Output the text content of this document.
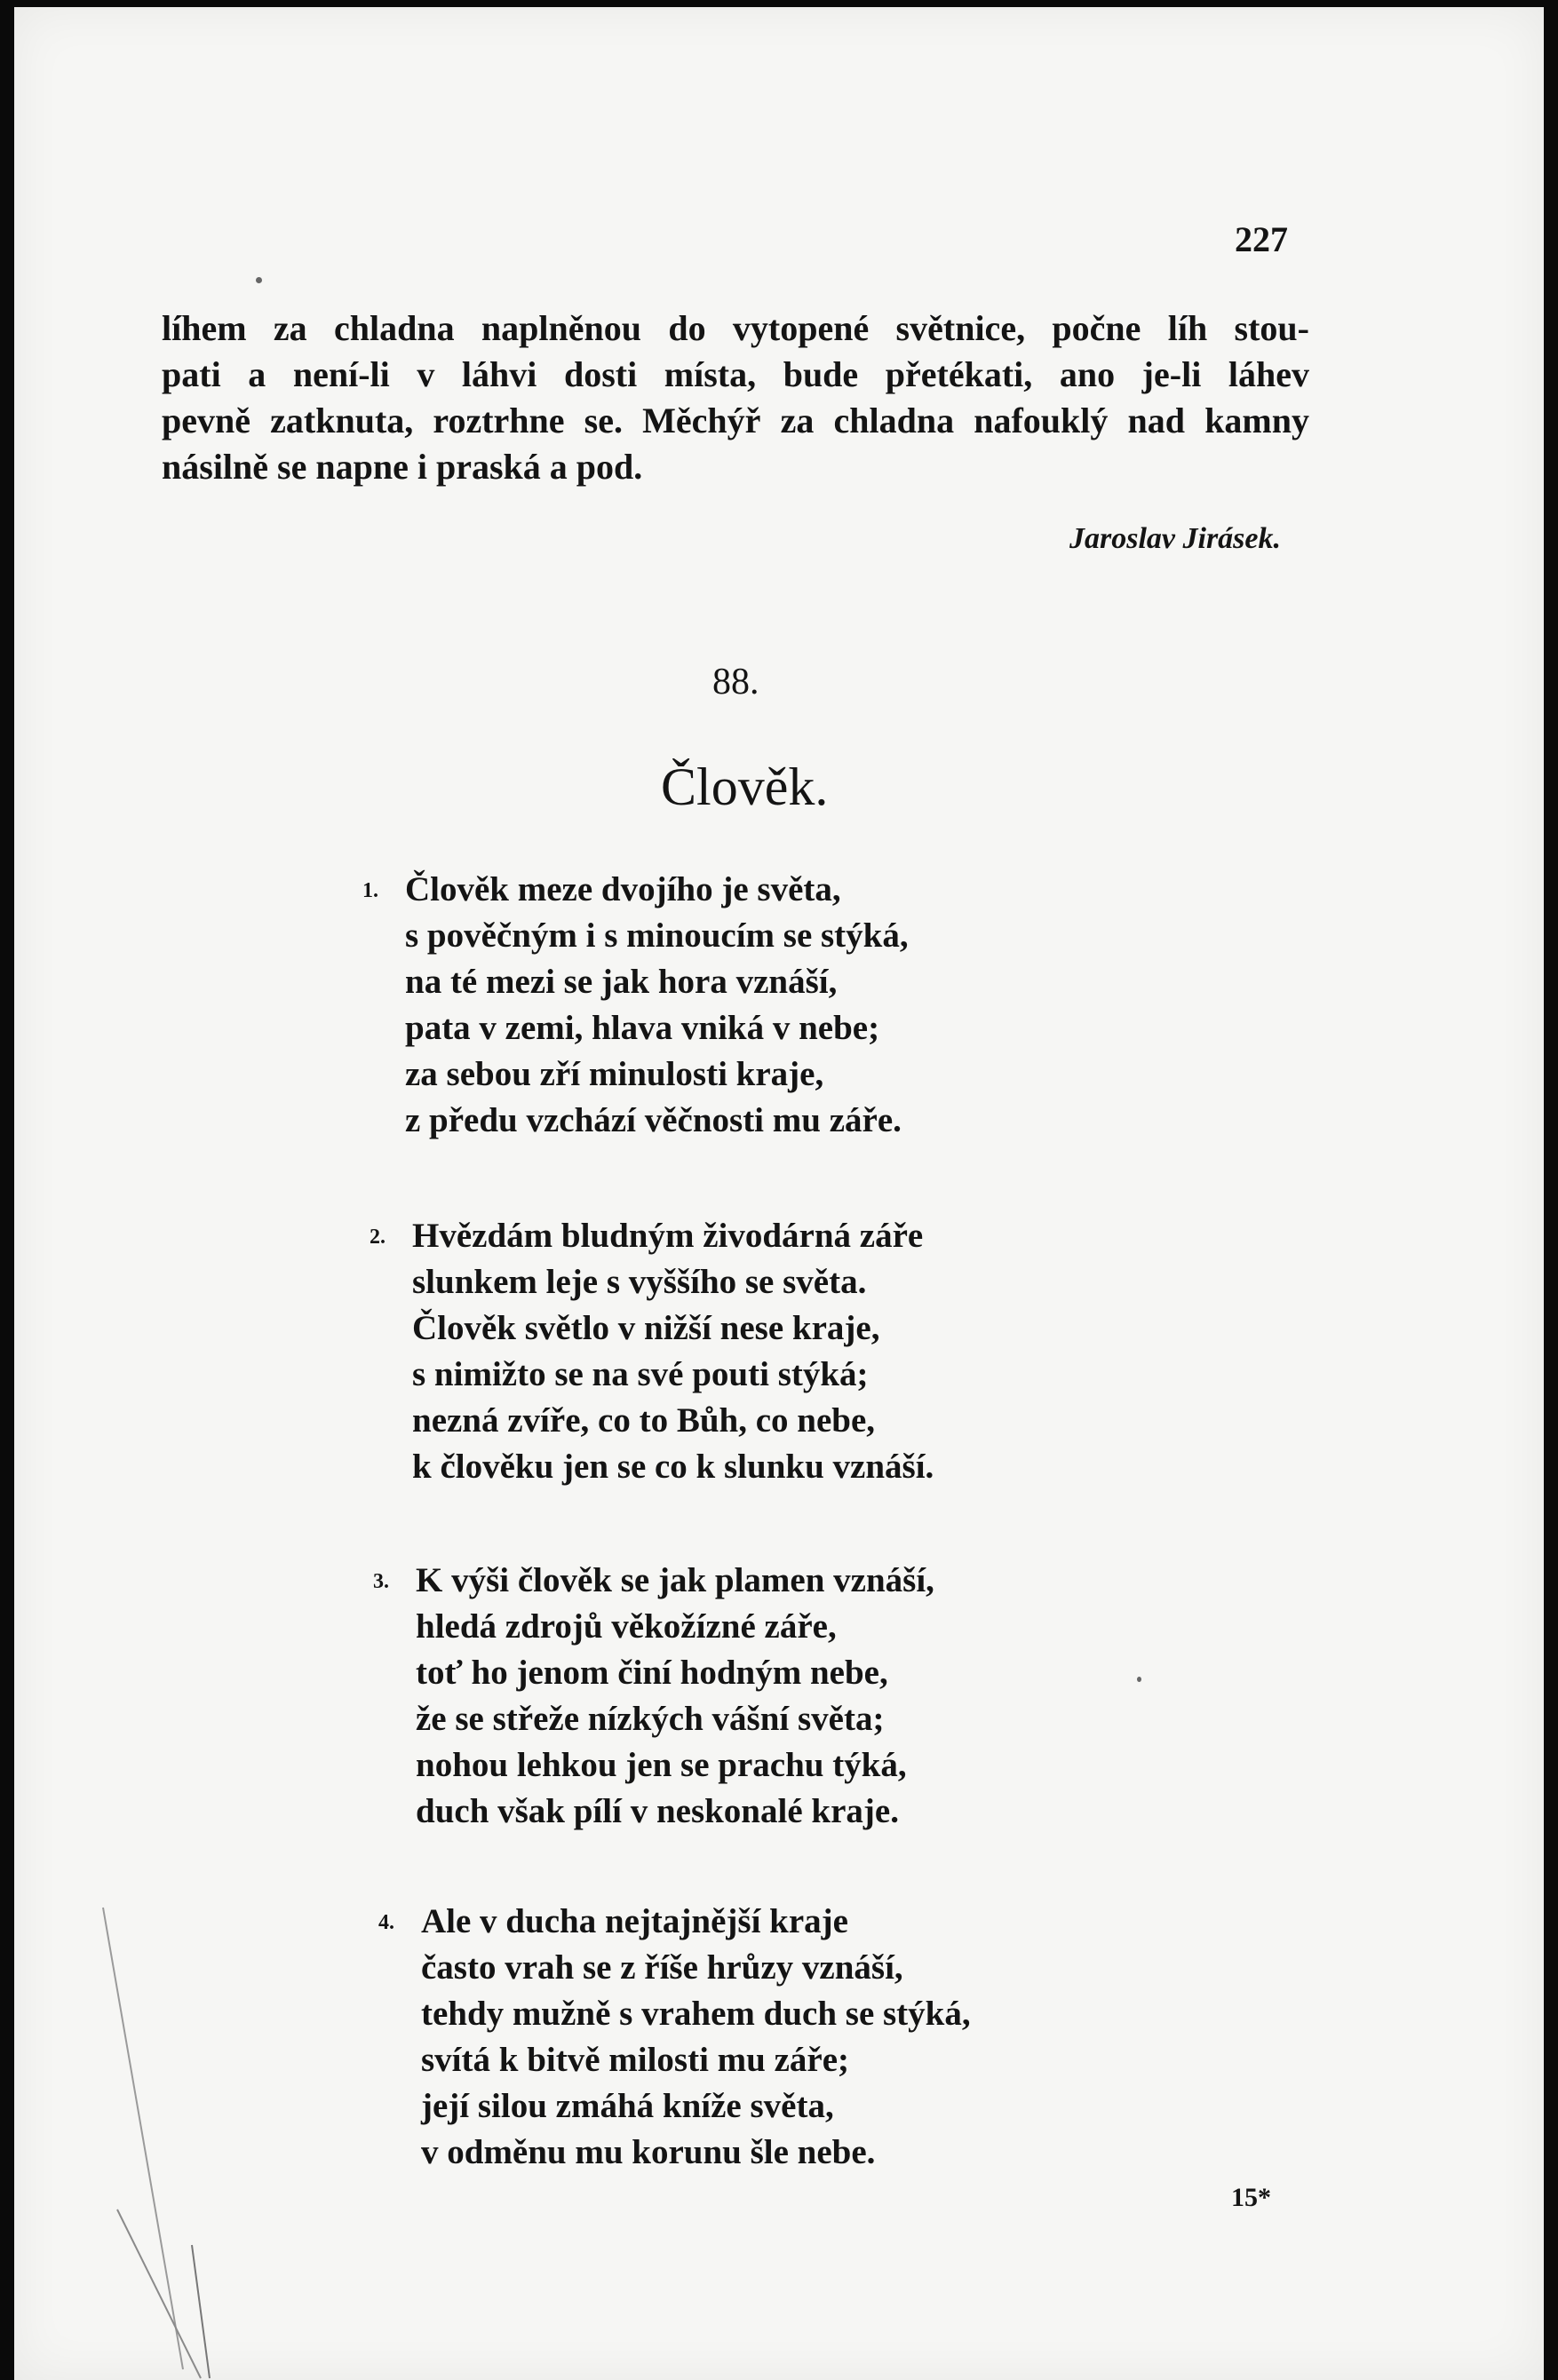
227
líhem za chladna naplněnou do vytopené světnice, počne líh stou-
pati a není-li v láhvi dosti místa, bude přetékati, ano je-li láhev
pevně zatknuta, roztrhne se. Měchýř za chladna nafouklý nad kamny
násilně se napne i praská a pod.
Jaroslav Jirásek.
88.
Člověk.
1. Člověk meze dvojího je světa,
s pověčným i s minoucím se stýká,
na té mezi se jak hora vznáší,
pata v zemi, hlava vniká v nebe;
za sebou zří minulosti kraje,
z předu vzchází věčnosti mu záře.
2. Hvězdám bludným živodárná záře
slunkem leje s vyššího se světa.
Člověk světlo v nižší nese kraje,
s nimižto se na své pouti stýká;
nezná zvíře, co to Bůh, co nebe,
k člověku jen se co k slunku vznáší.
3. K výši člověk se jak plamen vznáší,
hledá zdrojů věkožízné záře,
toť ho jenom činí hodným nebe,
že se střeže nízkých vášní světa;
nohou lehkou jen se prachu týká,
duch však pílí v neskonalé kraje.
4. Ale v ducha nejtajnější kraje
často vrah se z říše hrůzy vznáší,
tehdy mužně s vrahem duch se stýká,
svítá k bitvě milosti mu záře;
její silou zmáhá kníže světa,
v odměnu mu korunu šle nebe.
15*
